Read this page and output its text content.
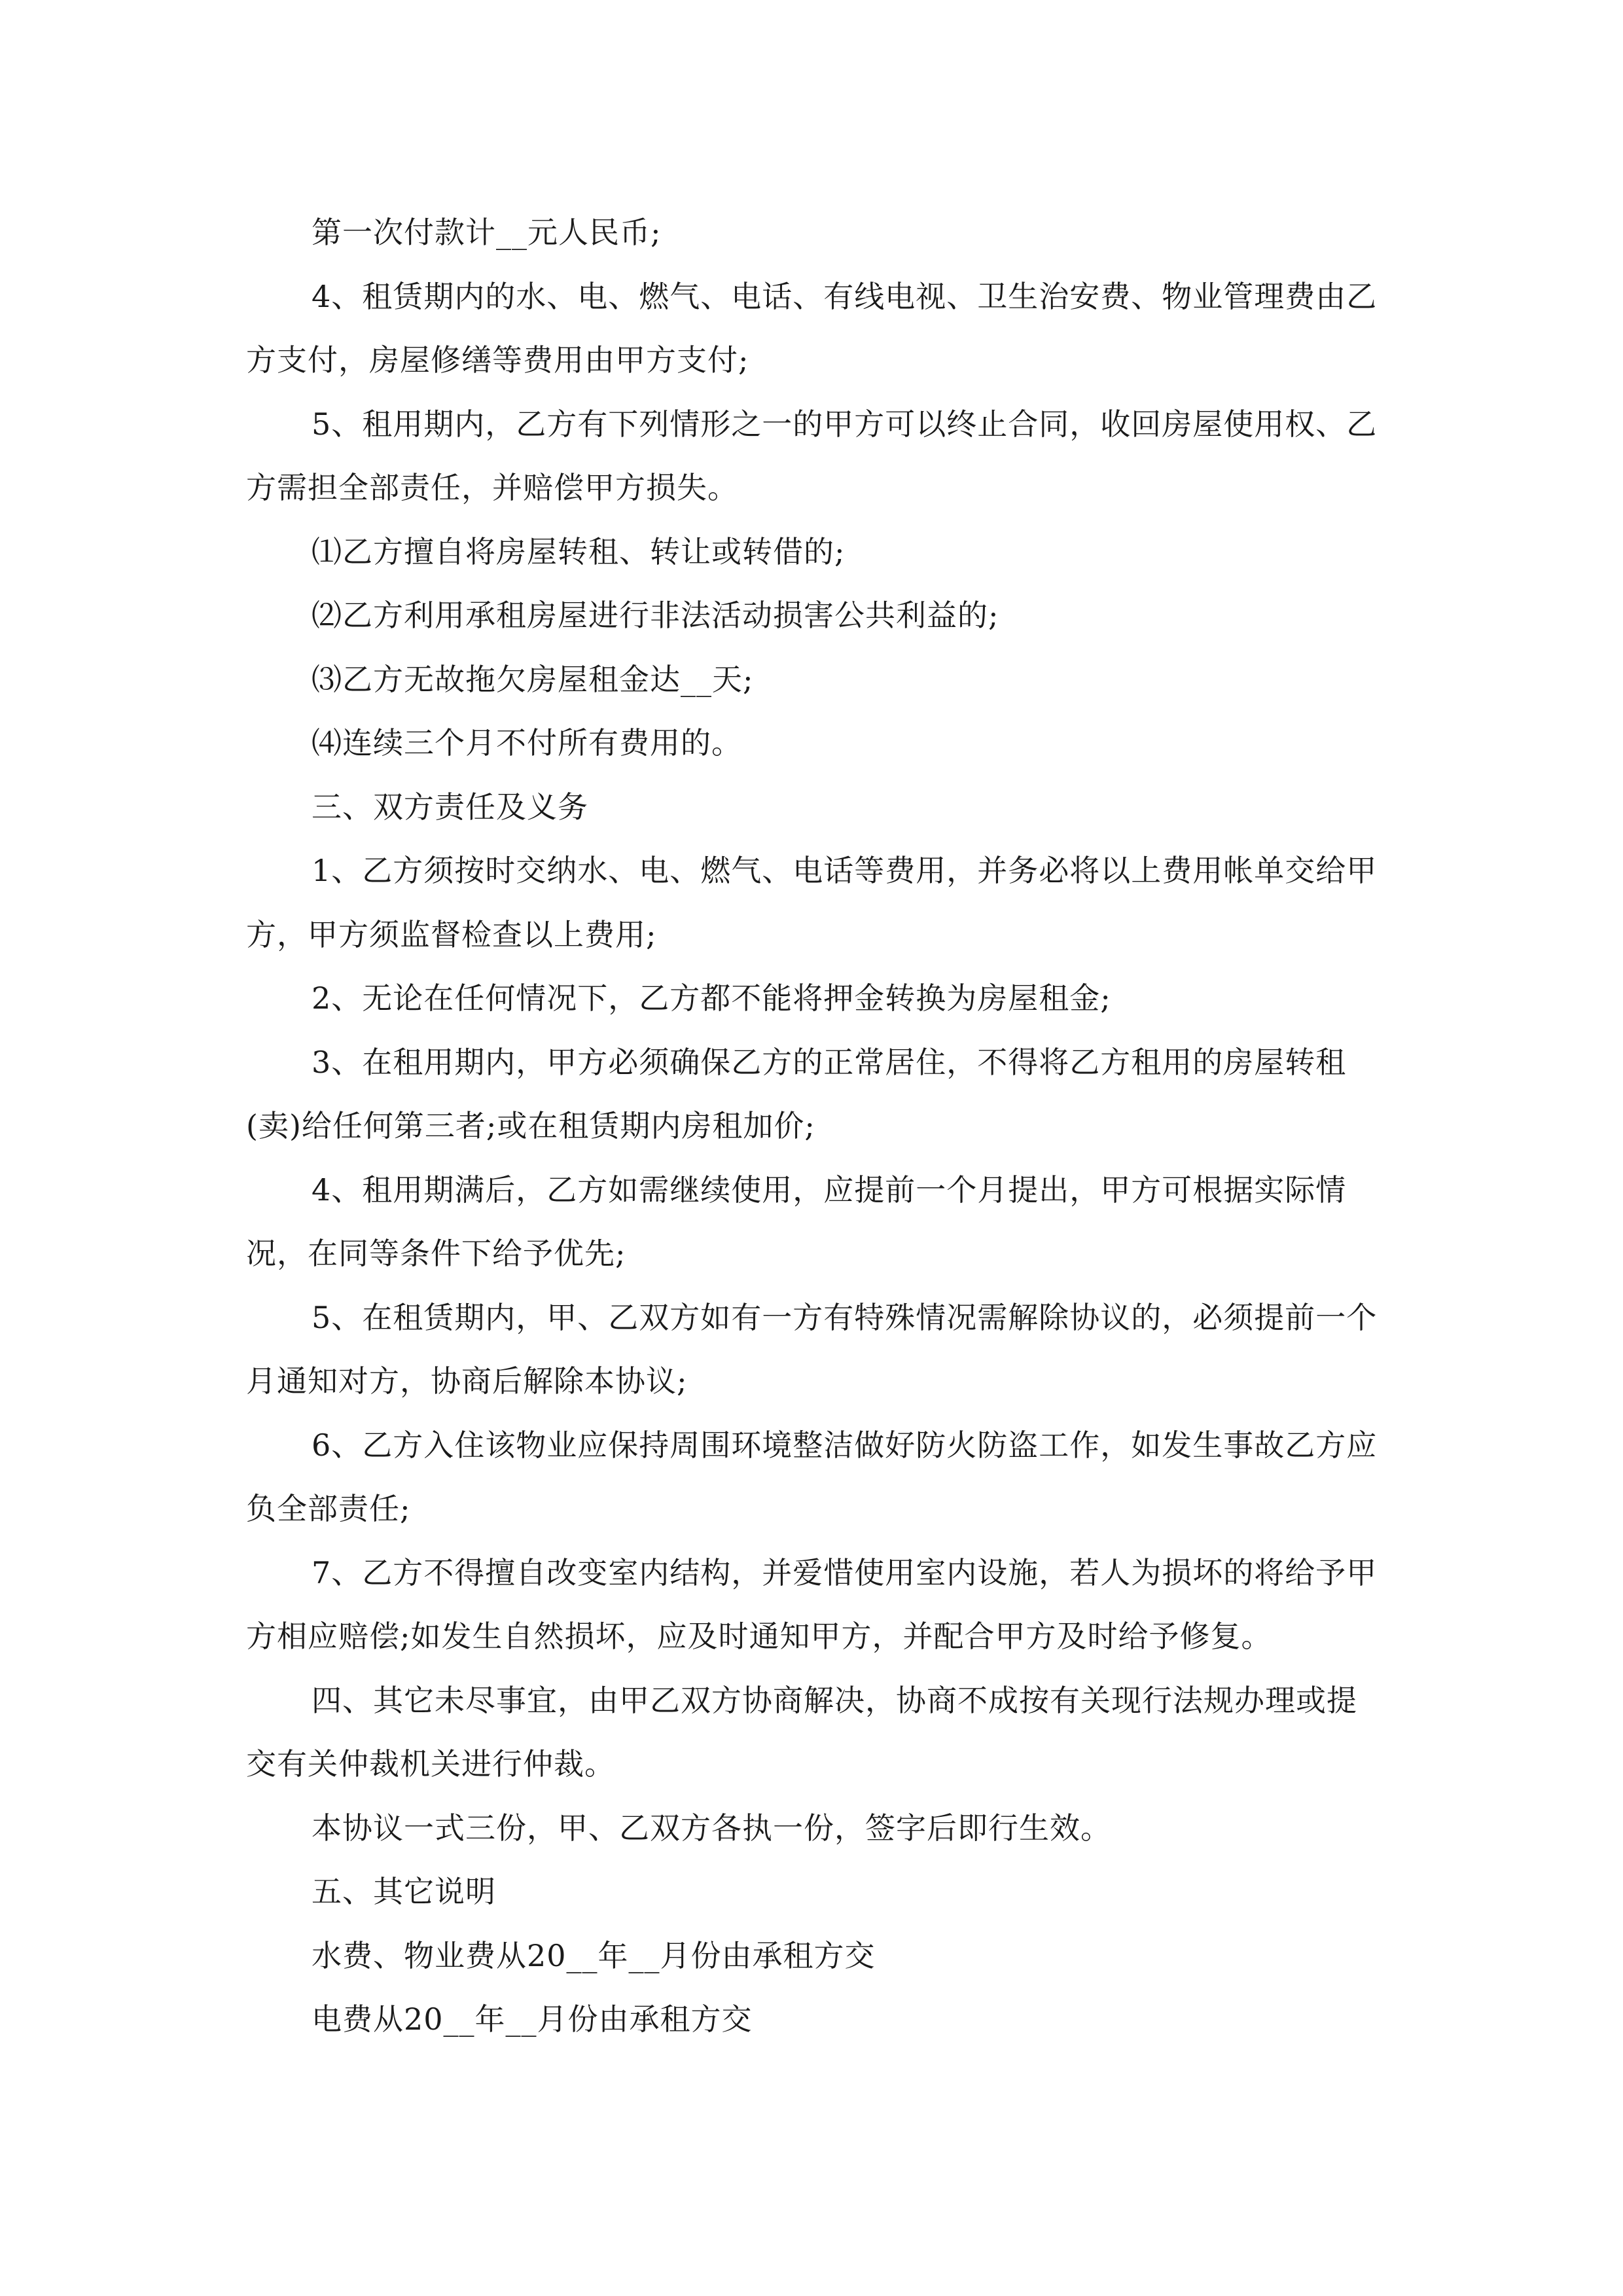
第一次付款计__元人民币;

4、租赁期内的水、电、燃气、电话、有线电视、卫生治安费、物业管理费由乙方支付，房屋修缮等费用由甲方支付;

5、租用期内，乙方有下列情形之一的甲方可以终止合同，收回房屋使用权、乙方需担全部责任，并赔偿甲方损失。

⑴乙方擅自将房屋转租、转让或转借的;

⑵乙方利用承租房屋进行非法活动损害公共利益的;

⑶乙方无故拖欠房屋租金达__天;

⑷连续三个月不付所有费用的。

三、双方责任及义务

1、乙方须按时交纳水、电、燃气、电话等费用，并务必将以上费用帐单交给甲方，甲方须监督检查以上费用;

2、无论在任何情况下，乙方都不能将押金转换为房屋租金;

3、在租用期内，甲方必须确保乙方的正常居住，不得将乙方租用的房屋转租(卖)给任何第三者;或在租赁期内房租加价;

4、租用期满后，乙方如需继续使用，应提前一个月提出，甲方可根据实际情况，在同等条件下给予优先;

5、在租赁期内，甲、乙双方如有一方有特殊情况需解除协议的，必须提前一个月通知对方，协商后解除本协议;

6、乙方入住该物业应保持周围环境整洁做好防火防盗工作，如发生事故乙方应负全部责任;

7、乙方不得擅自改变室内结构，并爱惜使用室内设施，若人为损坏的将给予甲方相应赔偿;如发生自然损坏，应及时通知甲方，并配合甲方及时给予修复。

四、其它未尽事宜，由甲乙双方协商解决，协商不成按有关现行法规办理或提交有关仲裁机关进行仲裁。

本协议一式三份，甲、乙双方各执一份，签字后即行生效。

五、其它说明

水费、物业费从20__年__月份由承租方交

电费从20__年__月份由承租方交
